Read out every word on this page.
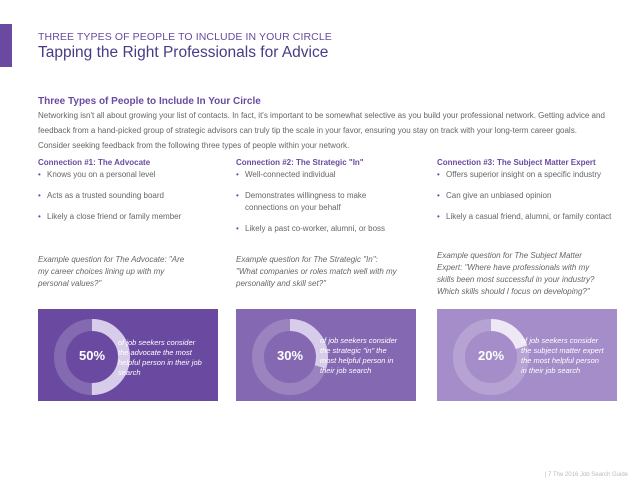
THREE TYPES OF PEOPLE TO INCLUDE IN YOUR CIRCLE
Tapping the Right Professionals for Advice
Three Types of People to Include In Your Circle
Networking isn't all about growing your list of contacts. In fact, it's important to be somewhat selective as you build your professional network. Getting advice and feedback from a hand-picked group of strategic advisors can truly tip the scale in your favor, ensuring you stay on track with your long-term career goals. Consider seeking feedback from the following three types of people within your network.
Connection #1: The Advocate
• Knows you on a personal level
• Acts as a trusted sounding board
• Likely a close friend or family member
Connection #2: The Strategic "In"
• Well-connected individual
• Demonstrates willingness to make connections on your behalf
• Likely a past co-worker, alumni, or boss
Connection #3: The Subject Matter Expert
• Offers superior insight on a specific industry
• Can give an unbiased opinion
• Likely a casual friend, alumni, or family contact
Example question for The Advocate: "Are my career choices lining up with my personal values?"
Example question for The Strategic "In": "What companies or roles match well with my personality and skill set?"
Example question for The Subject Matter Expert: "Where have professionals with my skills been most successful in your industry? Which skills should I focus on developing?"
50%
of job seekers consider the advocate the most helpful person in their job search
30%
of job seekers consider the strategic "in" the most helpful person in their job search
20%
of job seekers consider the subject matter expert the most helpful person in their job search
| 7 The 2016 Job Search Guide
